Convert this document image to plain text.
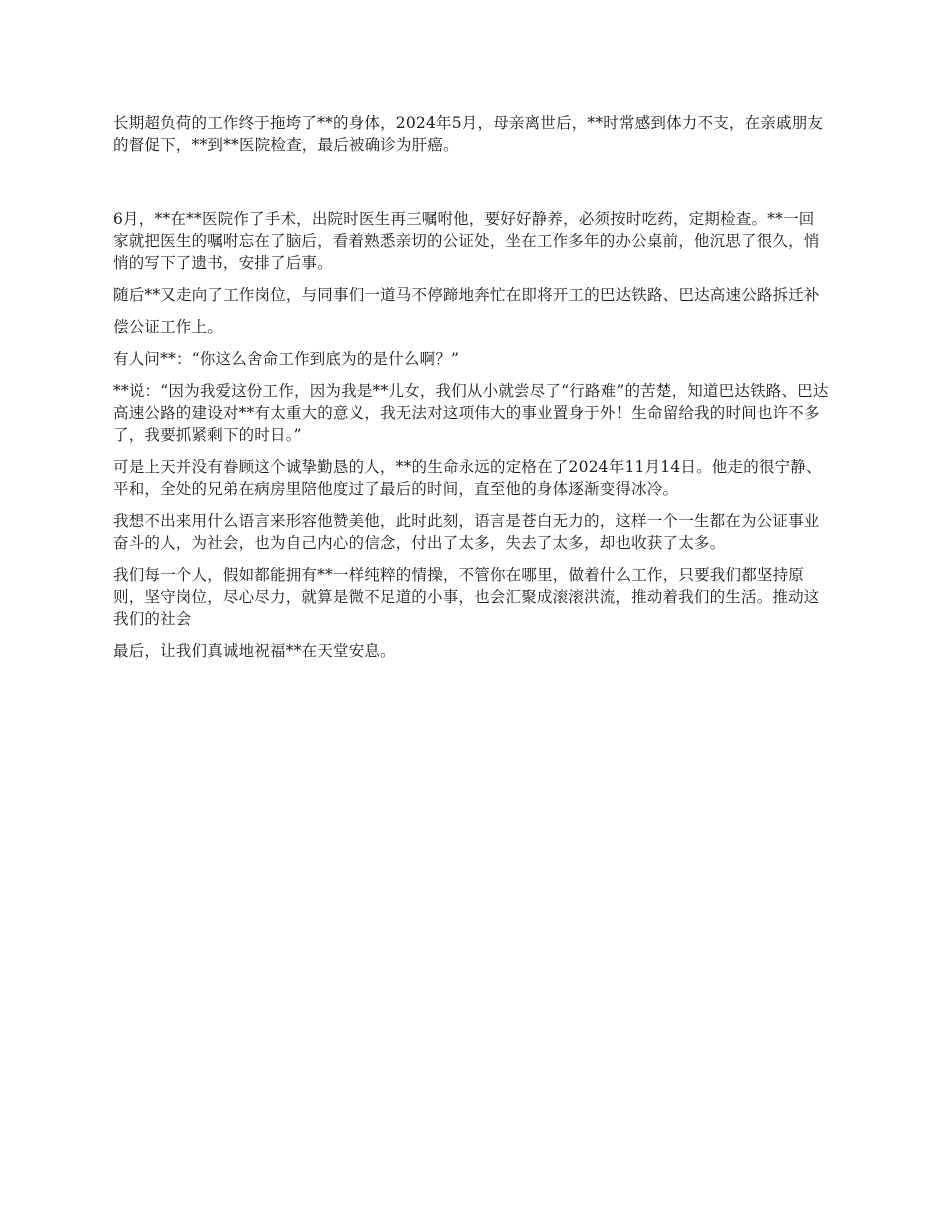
长期超负荷的工作终于拖垮了**的身体，2024年5月，母亲离世后，**时常感到体力不支，在亲戚朋友的督促下，**到**医院检查，最后被确诊为肝癌。

6月，**在**医院作了手术，出院时医生再三嘱咐他，要好好静养，必须按时吃药，定期检查。**一回家就把医生的嘱咐忘在了脑后，看着熟悉亲切的公证处，坐在工作多年的办公桌前，他沉思了很久，悄悄的写下了遗书，安排了后事。

随后**又走向了工作岗位，与同事们一道马不停蹄地奔忙在即将开工的巴达铁路、巴达高速公路拆迁补

偿公证工作上。

有人问**：“你这么舍命工作到底为的是什么啊？”

**说：“因为我爱这份工作，因为我是**儿女，我们从小就尝尽了“行路难”的苦楚，知道巴达铁路、巴达高速公路的建设对**有太重大的意义，我无法对这项伟大的事业置身于外！生命留给我的时间也许不多了，我要抓紧剩下的时日。”

可是上天并没有眷顾这个诚挚勤恳的人，**的生命永远的定格在了2024年11月14日。他走的很宁静、平和，全处的兄弟在病房里陪他度过了最后的时间，直至他的身体逐渐变得冰冷。

我想不出来用什么语言来形容他赞美他，此时此刻，语言是苍白无力的，这样一个一生都在为公证事业奋斗的人，为社会，也为自己内心的信念，付出了太多，失去了太多，却也收获了太多。

我们每一个人，假如都能拥有**一样纯粹的情操，不管你在哪里，做着什么工作，只要我们都坚持原则，坚守岗位，尽心尽力，就算是微不足道的小事，也会汇聚成滚滚洪流，推动着我们的生活。推动这我们的社会

最后，让我们真诚地祝福**在天堂安息。
